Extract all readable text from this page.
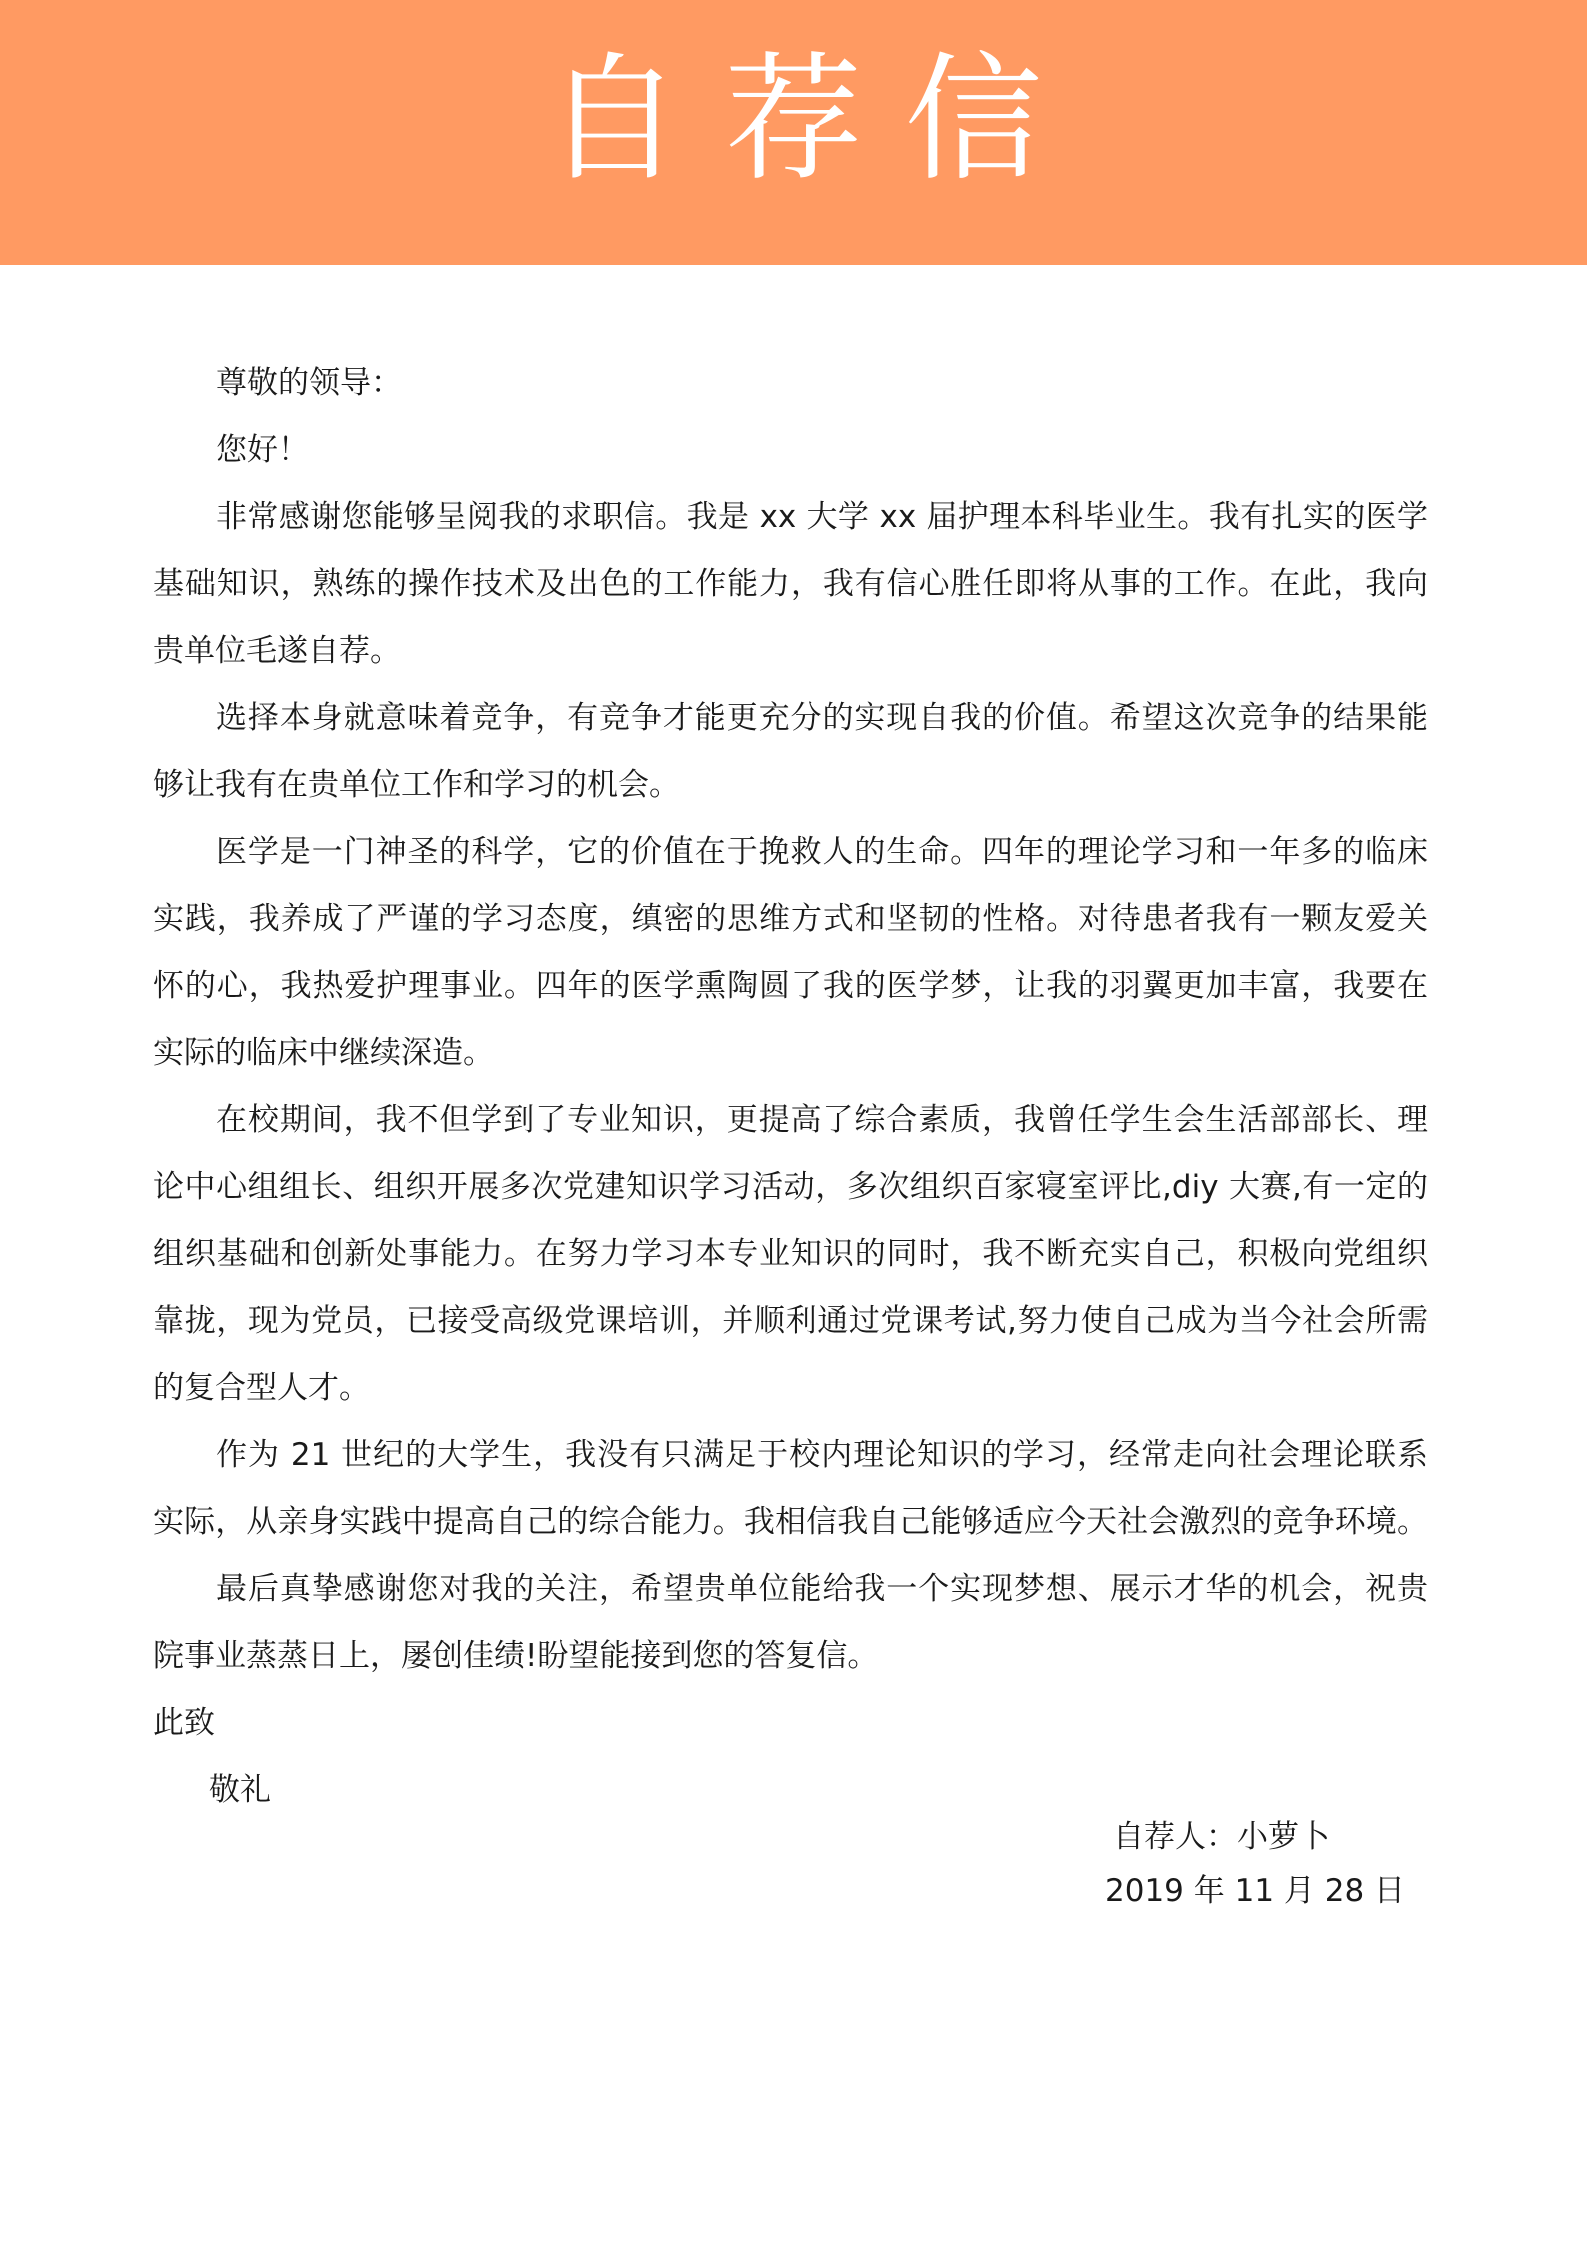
自荐信
尊敬的领导：
您好！
非常感谢您能够呈阅我的求职信。我是 xx 大学 xx 届护理本科毕业生。我有扎实的医学
基础知识，熟练的操作技术及出色的工作能力，我有信心胜任即将从事的工作。在此，我向
贵单位毛遂自荐。
选择本身就意味着竞争，有竞争才能更充分的实现自我的价值。希望这次竞争的结果能
够让我有在贵单位工作和学习的机会。
医学是一门神圣的科学，它的价值在于挽救人的生命。四年的理论学习和一年多的临床
实践，我养成了严谨的学习态度，缜密的思维方式和坚韧的性格。对待患者我有一颗友爱关
怀的心，我热爱护理事业。四年的医学熏陶圆了我的医学梦，让我的羽翼更加丰富，我要在
实际的临床中继续深造。
在校期间，我不但学到了专业知识，更提高了综合素质，我曾任学生会生活部部长、理
论中心组组长、组织开展多次党建知识学习活动，多次组织百家寝室评比,diy 大赛,有一定的
组织基础和创新处事能力。在努力学习本专业知识的同时，我不断充实自己，积极向党组织
靠拢，现为党员，已接受高级党课培训，并顺利通过党课考试,努力使自己成为当今社会所需
的复合型人才。
作为 21 世纪的大学生，我没有只满足于校内理论知识的学习，经常走向社会理论联系
实际，从亲身实践中提高自己的综合能力。我相信我自己能够适应今天社会激烈的竞争环境。
最后真挚感谢您对我的关注，希望贵单位能给我一个实现梦想、展示才华的机会，祝贵
院事业蒸蒸日上，屡创佳绩!盼望能接到您的答复信。
此致
敬礼
自荐人：小萝卜
2019 年 11 月 28 日
